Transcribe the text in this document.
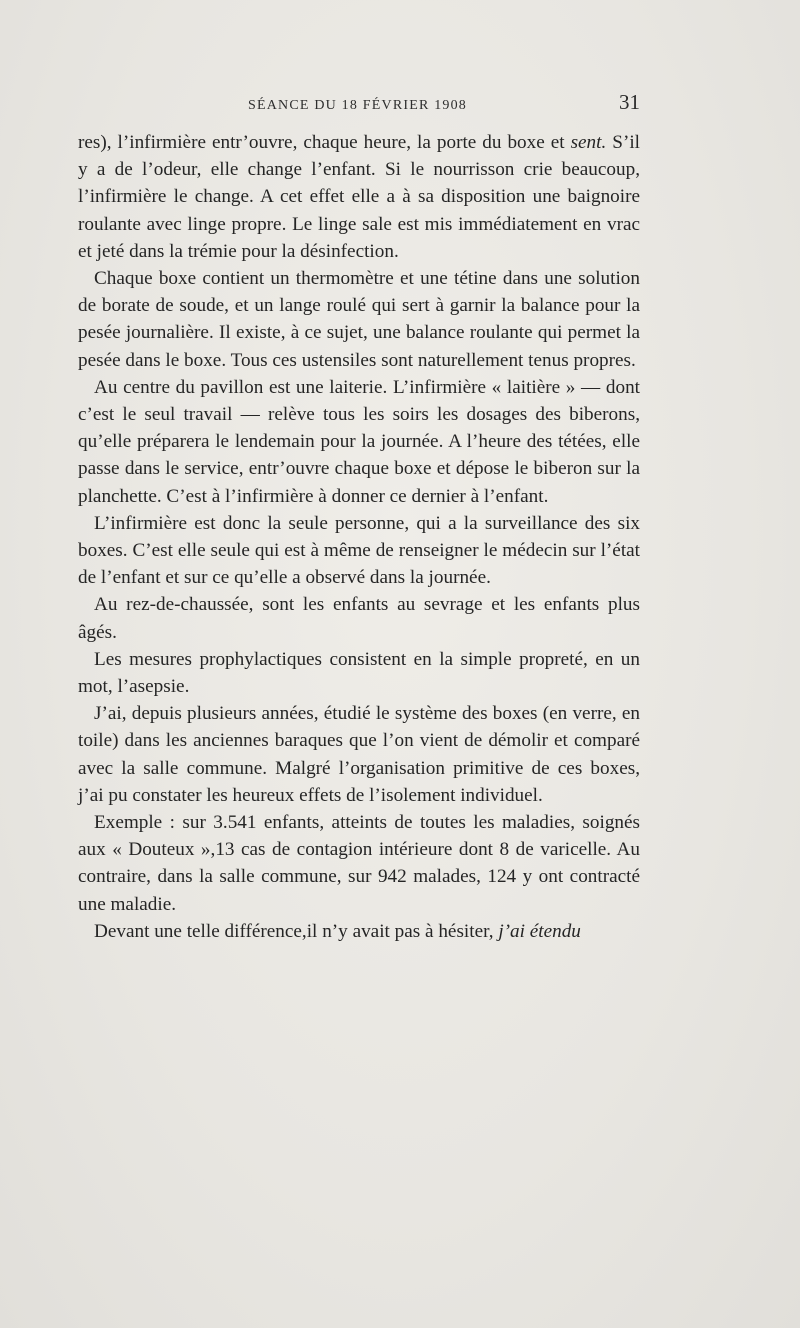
SÉANCE DU 18 FÉVRIER 1908	31

res), l’infirmière entr’ouvre, chaque heure, la porte du boxe et sent. S’il y a de l’odeur, elle change l’enfant. Si le nourrisson crie beaucoup, l’infirmière le change. A cet effet elle a à sa disposition une baignoire roulante avec linge propre. Le linge sale est mis immédiatement en vrac et jeté dans la trémie pour la désinfection.

Chaque boxe contient un thermomètre et une tétine dans une solution de borate de soude, et un lange roulé qui sert à garnir la balance pour la pesée journalière. Il existe, à ce sujet, une balance roulante qui permet la pesée dans le boxe. Tous ces ustensiles sont naturellement tenus propres.

Au centre du pavillon est une laiterie. L’infirmière « laitière » — dont c’est le seul travail — relève tous les soirs les dosages des biberons, qu’elle préparera le lendemain pour la journée. A l’heure des tétées, elle passe dans le service, entr’ouvre chaque boxe et dépose le biberon sur la planchette. C’est à l’infirmière à donner ce dernier à l’enfant.

L’infirmière est donc la seule personne, qui a la surveillance des six boxes. C’est elle seule qui est à même de renseigner le médecin sur l’état de l’enfant et sur ce qu’elle a observé dans la journée.

Au rez-de-chaussée, sont les enfants au sevrage et les enfants plus âgés.

Les mesures prophylactiques consistent en la simple propreté, en un mot, l’asepsie.

J’ai, depuis plusieurs années, étudié le système des boxes (en verre, en toile) dans les anciennes baraques que l’on vient de démolir et comparé avec la salle commune. Malgré l’organisation primitive de ces boxes, j’ai pu constater les heureux effets de l’isolement individuel.

Exemple : sur 3.541 enfants, atteints de toutes les maladies, soignés aux « Douteux »,13 cas de contagion intérieure dont 8 de varicelle. Au contraire, dans la salle commune, sur 942 malades, 124 y ont contracté une maladie.

Devant une telle différence,il n’y avait pas à hésiter, j’ai étendu
